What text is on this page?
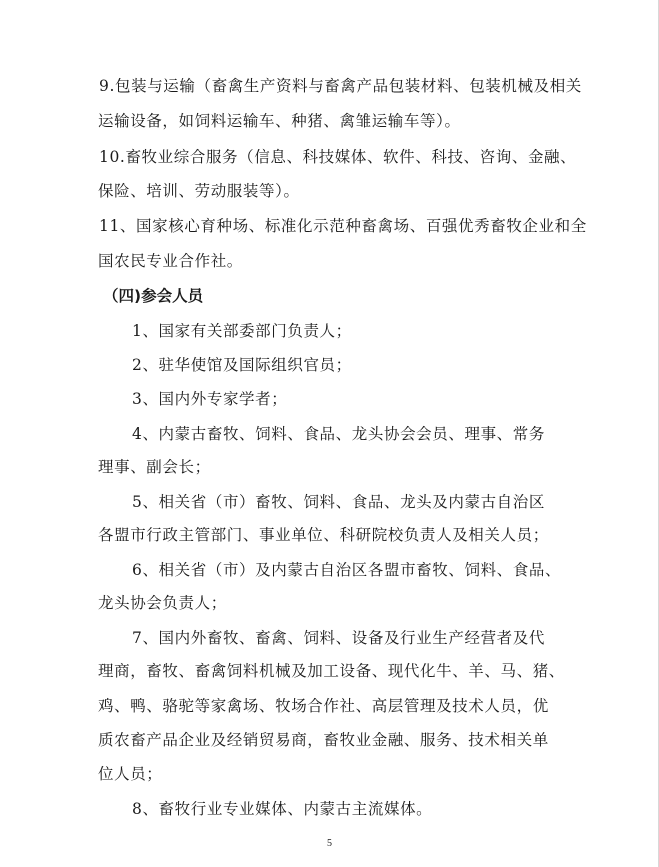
9.包装与运输（畜禽生产资料与畜禽产品包装材料、包装机械及相关
运输设备，如饲料运输车、种猪、禽雏运输车等）。
10.畜牧业综合服务（信息、科技媒体、软件、科技、咨询、金融、
保险、培训、劳动服装等）。
11、国家核心育种场、标准化示范种畜禽场、百强优秀畜牧企业和全
国农民专业合作社。
（四)参会人员
1、国家有关部委部门负责人；
2、驻华使馆及国际组织官员；
3、国内外专家学者；
4、内蒙古畜牧、饲料、食品、龙头协会会员、理事、常务
理事、副会长；
5、相关省（市）畜牧、饲料、食品、龙头及内蒙古自治区
各盟市行政主管部门、事业单位、科研院校负责人及相关人员；
6、相关省（市）及内蒙古自治区各盟市畜牧、饲料、食品、
龙头协会负责人；
7、国内外畜牧、畜禽、饲料、设备及行业生产经营者及代
理商，畜牧、畜禽饲料机械及加工设备、现代化牛、羊、马、猪、
鸡、鸭、骆驼等家禽场、牧场合作社、高层管理及技术人员，优
质农畜产品企业及经销贸易商，畜牧业金融、服务、技术相关单
位人员；
8、畜牧行业专业媒体、内蒙古主流媒体。
5
